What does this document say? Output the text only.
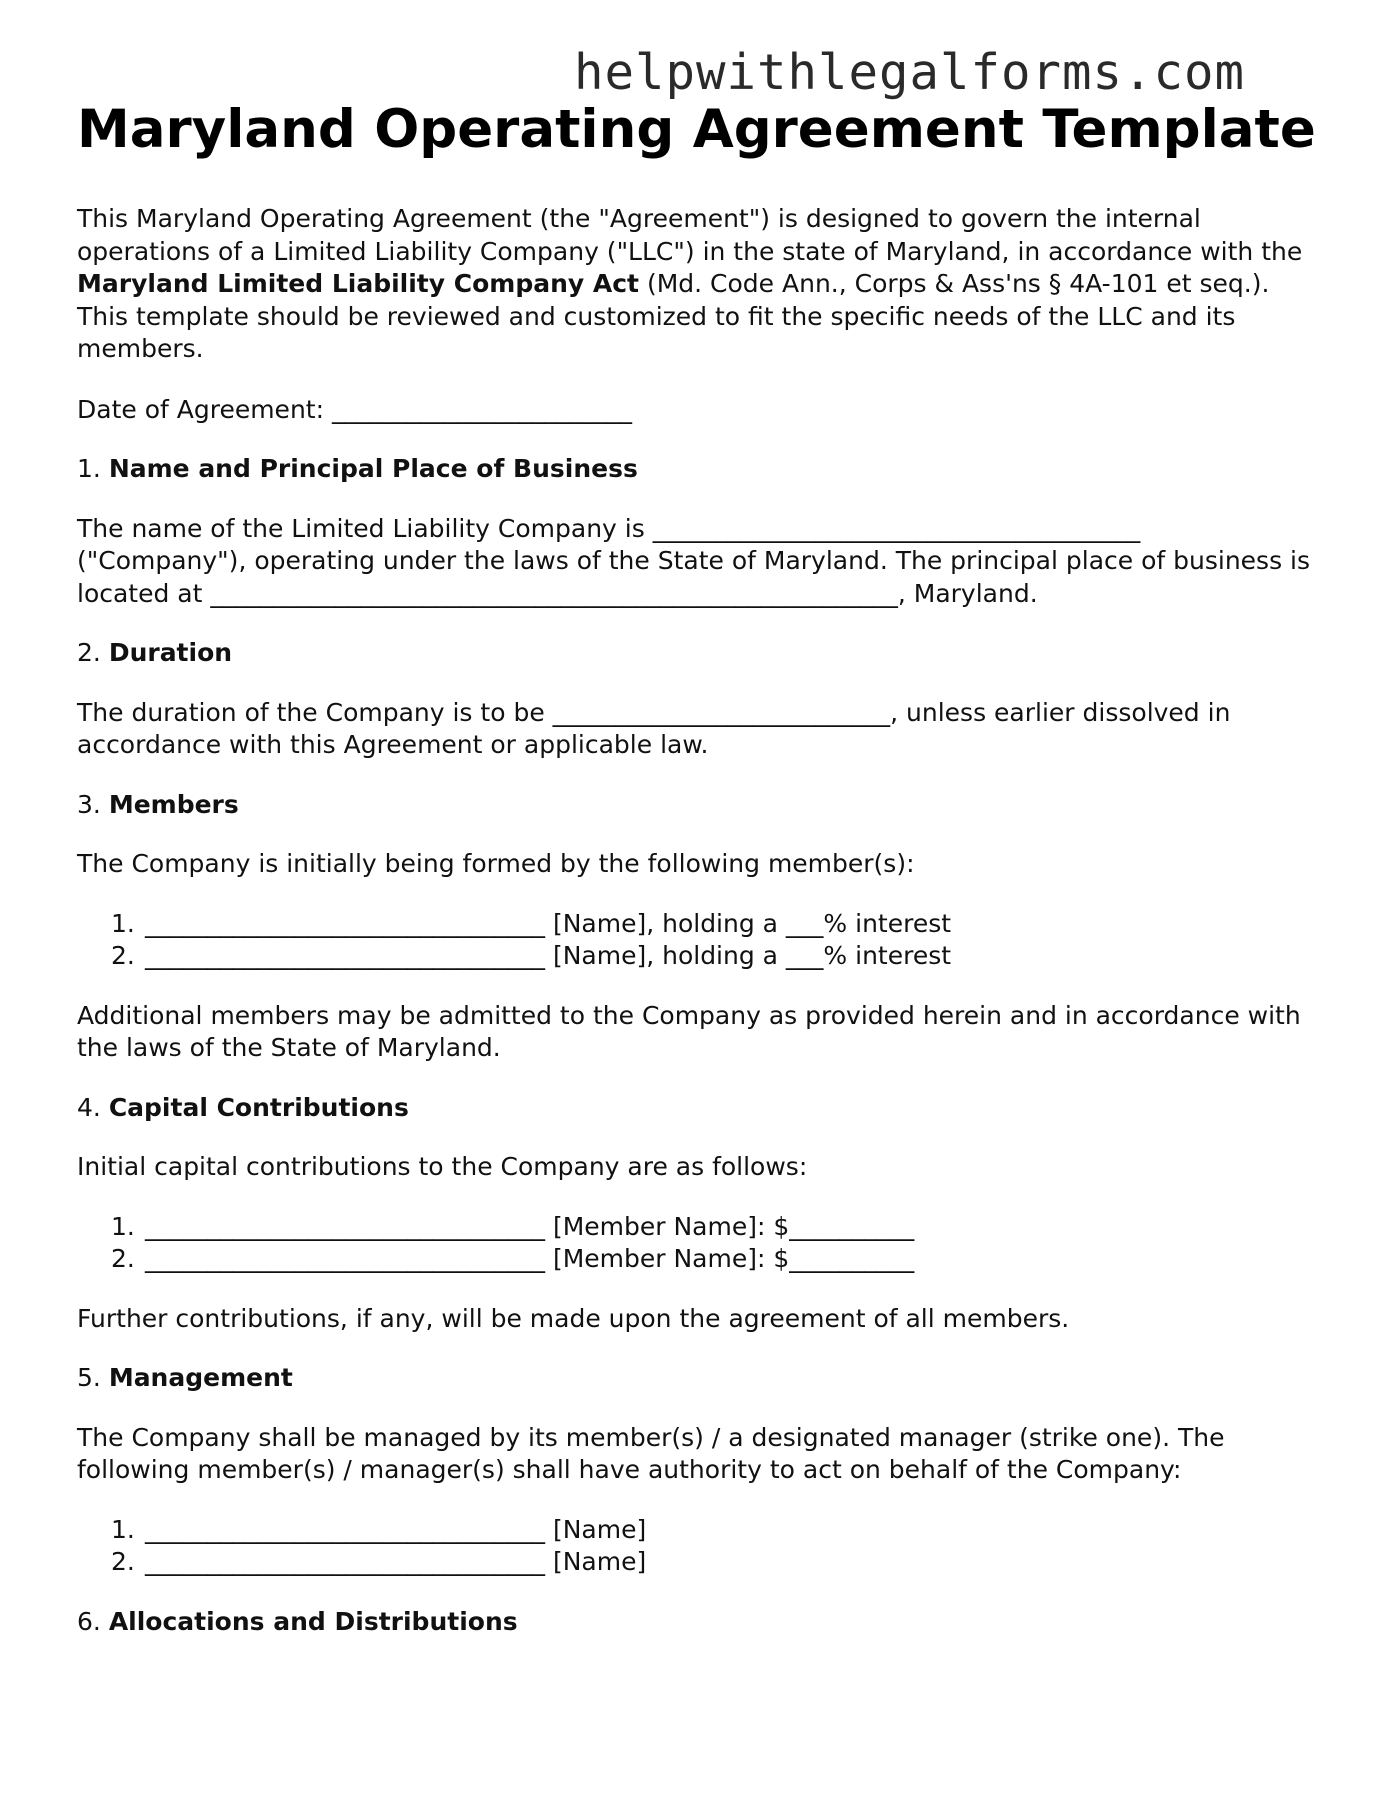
helpwithlegalforms.com
Maryland Operating Agreement Template

This Maryland Operating Agreement (the "Agreement") is designed to govern the internal operations of a Limited Liability Company ("LLC") in the state of Maryland, in accordance with the Maryland Limited Liability Company Act (Md. Code Ann., Corps & Ass'ns § 4A-101 et seq.). This template should be reviewed and customized to fit the specific needs of the LLC and its members.

Date of Agreement: ________________________

1. Name and Principal Place of Business

The name of the Limited Liability Company is _______________________________________ ("Company"), operating under the laws of the State of Maryland. The principal place of business is located at _______________________________________________________, Maryland.

2. Duration

The duration of the Company is to be ___________________________, unless earlier dissolved in accordance with this Agreement or applicable law.

3. Members

The Company is initially being formed by the following member(s):

1. ________________________________ [Name], holding a ___% interest
2. ________________________________ [Name], holding a ___% interest

Additional members may be admitted to the Company as provided herein and in accordance with the laws of the State of Maryland.

4. Capital Contributions

Initial capital contributions to the Company are as follows:

1. ________________________________ [Member Name]: $__________
2. ________________________________ [Member Name]: $__________

Further contributions, if any, will be made upon the agreement of all members.

5. Management

The Company shall be managed by its member(s) / a designated manager (strike one). The following member(s) / manager(s) shall have authority to act on behalf of the Company:

1. ________________________________ [Name]
2. ________________________________ [Name]

6. Allocations and Distributions
